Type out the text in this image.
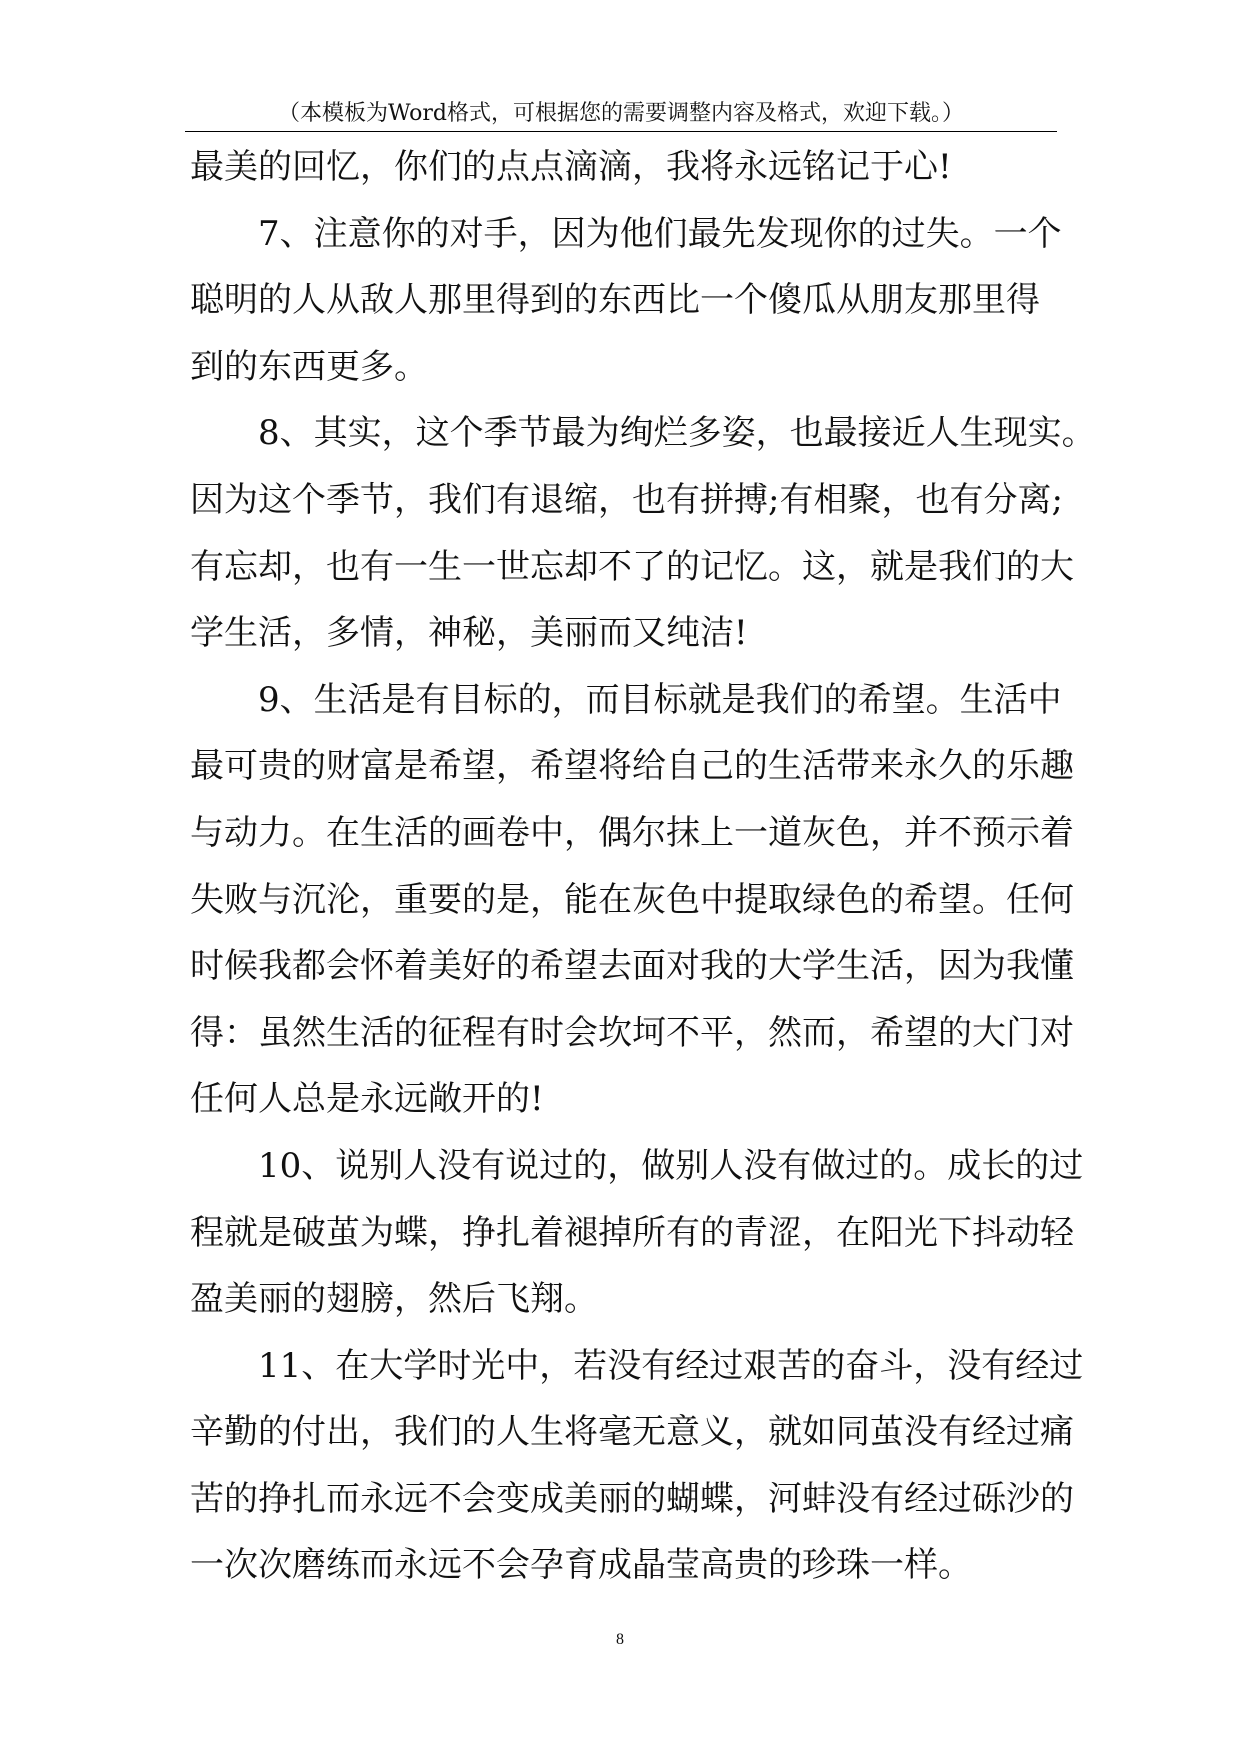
（本模板为Word格式，可根据您的需要调整内容及格式，欢迎下载。）
最美的回忆，你们的点点滴滴，我将永远铭记于心!
7、注意你的对手，因为他们最先发现你的过失。一个
聪明的人从敌人那里得到的东西比一个傻瓜从朋友那里得
到的东西更多。
8、其实，这个季节最为绚烂多姿，也最接近人生现实。
因为这个季节，我们有退缩，也有拼搏;有相聚，也有分离;
有忘却，也有一生一世忘却不了的记忆。这，就是我们的大
学生活，多情，神秘，美丽而又纯洁!
9、生活是有目标的，而目标就是我们的希望。生活中
最可贵的财富是希望，希望将给自己的生活带来永久的乐趣
与动力。在生活的画卷中，偶尔抹上一道灰色，并不预示着
失败与沉沦，重要的是，能在灰色中提取绿色的希望。任何
时候我都会怀着美好的希望去面对我的大学生活，因为我懂
得：虽然生活的征程有时会坎坷不平，然而，希望的大门对
任何人总是永远敞开的!
10、说别人没有说过的，做别人没有做过的。成长的过
程就是破茧为蝶，挣扎着褪掉所有的青涩，在阳光下抖动轻
盈美丽的翅膀，然后飞翔。
11、在大学时光中，若没有经过艰苦的奋斗，没有经过
辛勤的付出，我们的人生将毫无意义，就如同茧没有经过痛
苦的挣扎而永远不会变成美丽的蝴蝶，河蚌没有经过砾沙的
一次次磨练而永远不会孕育成晶莹高贵的珍珠一样。
8
